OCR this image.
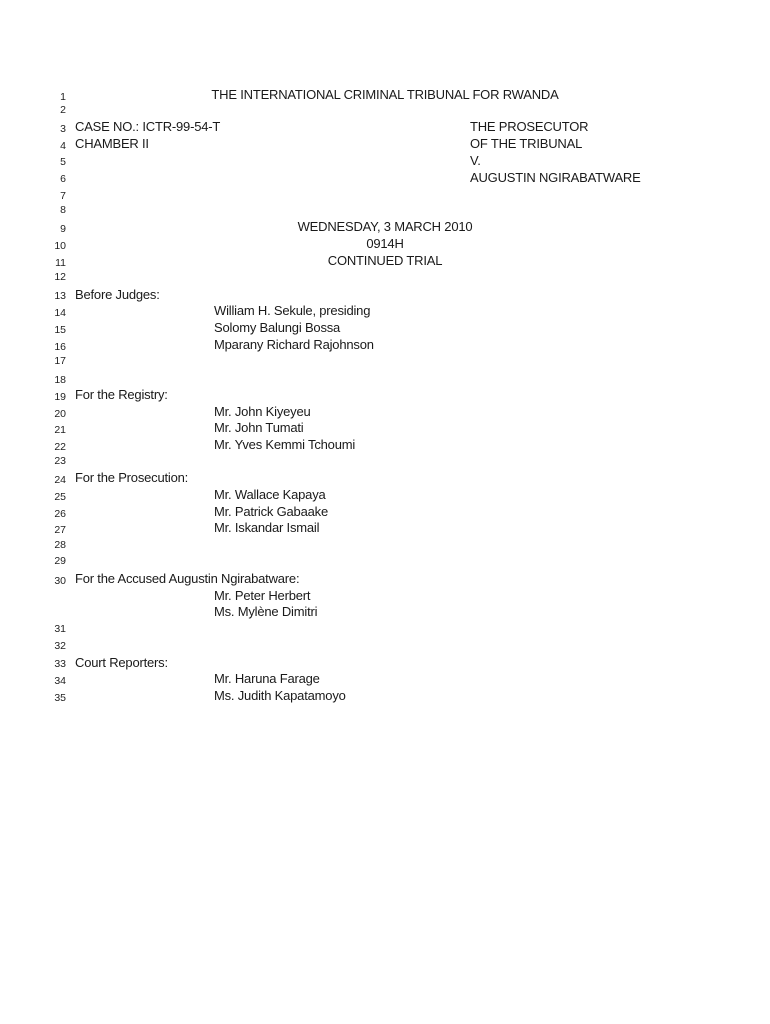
1
2
3
4
5
6
7
8
9
10
11
12
13
14
15
16
17
18
19
20
21
22
23
24
25
26
27
28
29
30
31
32
33
34
35
THE INTERNATIONAL CRIMINAL TRIBUNAL FOR RWANDA
CASE NO.: ICTR-99-54-T
CHAMBER II
THE PROSECUTOR
OF THE TRIBUNAL
V.
AUGUSTIN NGIRABATWARE
WEDNESDAY, 3 MARCH 2010
0914H
CONTINUED TRIAL
Before Judges:
William H. Sekule, presiding
Solomy Balungi Bossa
Mparany Richard Rajohnson
For the Registry:
Mr. John Kiyeyeu
Mr. John Tumati
Mr. Yves Kemmi Tchoumi
For the Prosecution:
Mr. Wallace Kapaya
Mr. Patrick Gabaake
Mr. Iskandar Ismail
For the Accused Augustin Ngirabatware:
Mr. Peter Herbert
Ms. Mylène Dimitri
Court Reporters:
Mr. Haruna Farage
Ms. Judith Kapatamoyo
